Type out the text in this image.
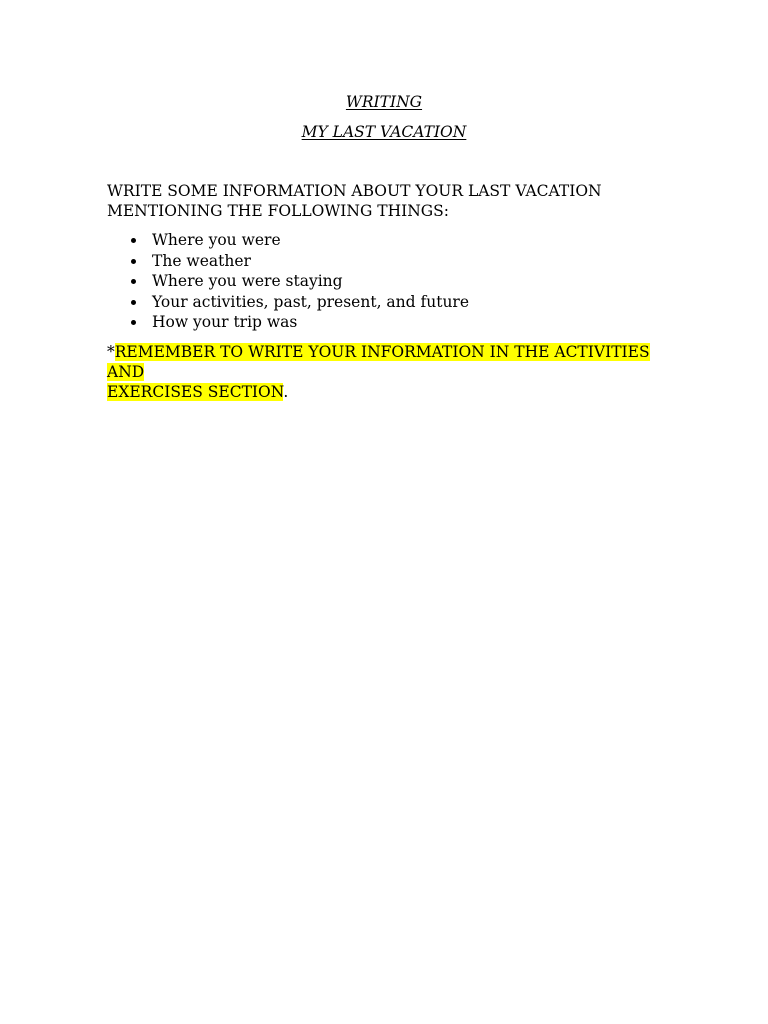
WRITING
MY LAST VACATION

WRITE SOME INFORMATION ABOUT YOUR LAST VACATION
MENTIONING THE FOLLOWING THINGS:

Where you were
The weather
Where you were staying
Your activities, past, present, and future
How your trip was

*REMEMBER TO WRITE YOUR INFORMATION IN THE ACTIVITIES AND
EXERCISES SECTION.
